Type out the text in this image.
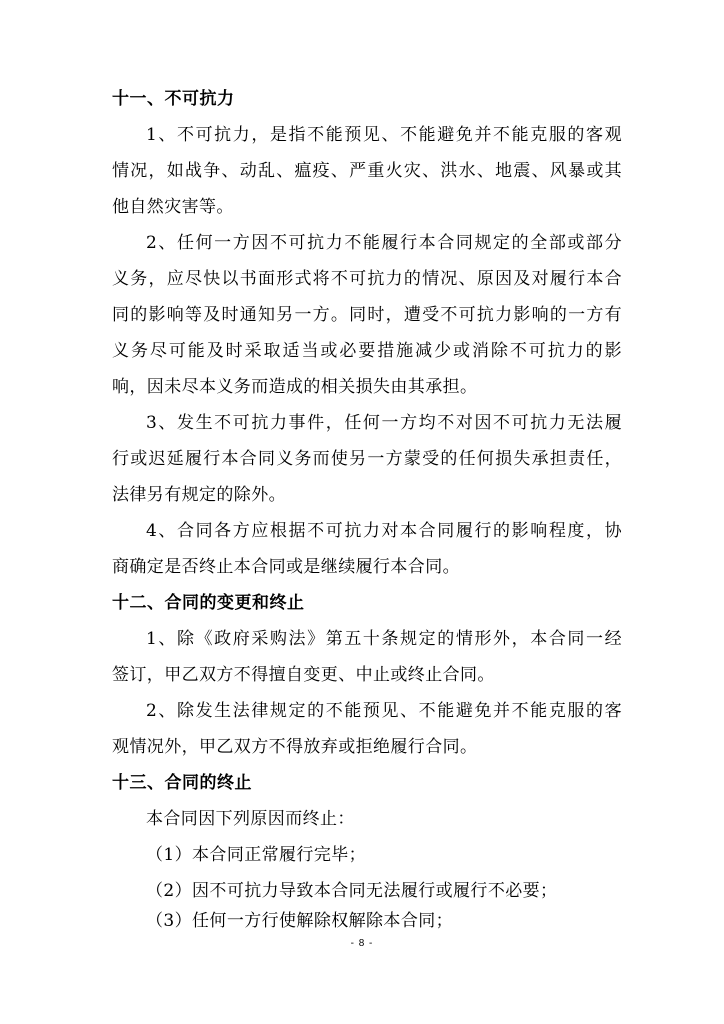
十一、不可抗力
1、不可抗力，是指不能预见、不能避免并不能克服的客观
情况，如战争、动乱、瘟疫、严重火灾、洪水、地震、风暴或其
他自然灾害等。
2、任何一方因不可抗力不能履行本合同规定的全部或部分
义务，应尽快以书面形式将不可抗力的情况、原因及对履行本合
同的影响等及时通知另一方。同时，遭受不可抗力影响的一方有
义务尽可能及时采取适当或必要措施减少或消除不可抗力的影
响，因未尽本义务而造成的相关损失由其承担。
3、发生不可抗力事件，任何一方均不对因不可抗力无法履
行或迟延履行本合同义务而使另一方蒙受的任何损失承担责任，
法律另有规定的除外。
4、合同各方应根据不可抗力对本合同履行的影响程度，协
商确定是否终止本合同或是继续履行本合同。
十二、合同的变更和终止
1、除《政府采购法》第五十条规定的情形外，本合同一经
签订，甲乙双方不得擅自变更、中止或终止合同。
2、除发生法律规定的不能预见、不能避免并不能克服的客
观情况外，甲乙双方不得放弃或拒绝履行合同。
十三、合同的终止
本合同因下列原因而终止：
（1）本合同正常履行完毕；
（2）因不可抗力导致本合同无法履行或履行不必要；
（3）任何一方行使解除权解除本合同；
- 8 -
